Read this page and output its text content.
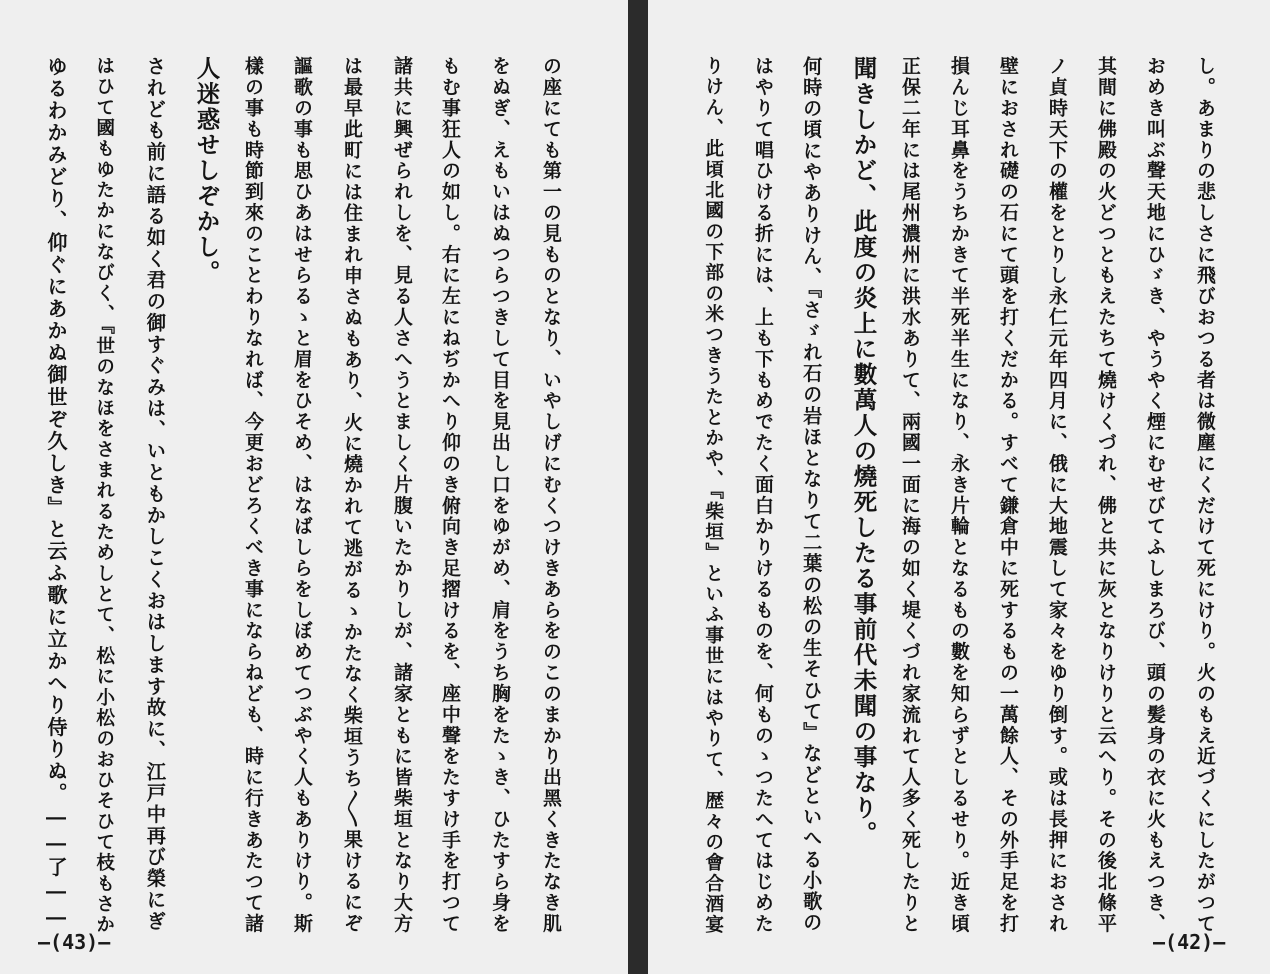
の座にても第一の見ものとなり、いやしげにむくつけきあらをのこのまかり出黑くきたなき肌
をぬぎ、えもいはぬつらつきして目を見出し口をゆがめ、肩をうち胸をたゝき、ひたすら身を
もむ事狂人の如し。右に左にねぢかへり仰のき俯向き足摺けるを、座中聲をたすけ手を打つて
諸共に興ぜられしを、見る人さへうとましく片腹いたかりしが、諸家ともに皆柴垣となり大方
は最早此町には住まれ申さぬもあり、火に燒かれて逃がるゝかたなく柴垣うち〳〵果けるにぞ
謳歌の事も思ひあはせらるゝと眉をひそめ、はなばしらをしぼめてつぶやく人もありけり。斯
樣の事も時節到來のことわりなれば、今更おどろくべき事にならねども、時に行きあたつて諸
人迷惑せしぞかし。
されども前に語る如く君の御すぐみは、いともかしこくおはします故に、江戸中再び榮にぎ
はひて國もゆたかになびく、『世のなほをさまれるためしとて、松に小松のおひそひて枝もさか
ゆるわかみどり、仰ぐにあかぬ御世ぞ久しき』と云ふ歌に立かへり侍りぬ。――了――
–(43)–
し。あまりの悲しさに飛びおつる者は微塵にくだけて死にけり。火のもえ近づくにしたがつて
おめき叫ぶ聲天地にひゞき、やうやく煙にむせびてふしまろび、頭の髪身の衣に火もえつき、
其間に佛殿の火どつともえたちて燒けくづれ、佛と共に灰となりけりと云へり。その後北條平
ノ貞時天下の權をとりし永仁元年四月に、俄に大地震して家々をゆり倒す。或は長押におされ
壁におされ礎の石にて頭を打くだかる。すべて鎌倉中に死するもの一萬餘人、その外手足を打
損んじ耳鼻をうちかきて半死半生になり、永き片輪となるもの數を知らずとしるせり。近き頃
正保二年には尾州濃州に洪水ありて、兩國一面に海の如く堤くづれ家流れて人多く死したりと
聞きしかど、此度の炎上に數萬人の燒死したる事前代未聞の事なり。
何時の頃にやありけん、『さゞれ石の岩ほとなりて二葉の松の生そひて』などといへる小歌の
はやりて唱ひける折には、上も下もめでたく面白かりけるものを、何ものゝつたへてはじめた
りけん、此頃北國の下部の米つきうたとかや、『柴垣』といふ事世にはやりて、歴々の會合酒宴
–(42)–
